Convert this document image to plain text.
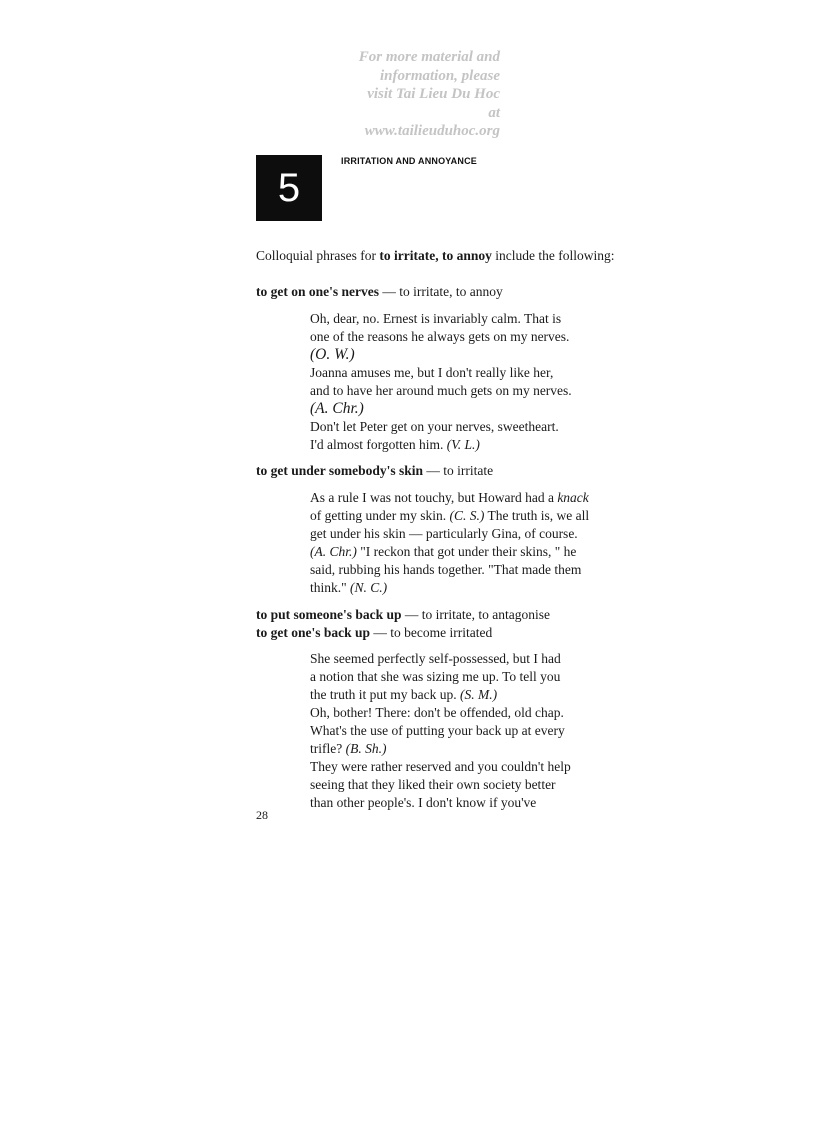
For more material and
information, please
visit Tai Lieu Du Hoc
at
www.tailieuduhoc.org
5
IRRITATION AND ANNOYANCE
Colloquial phrases for to irritate, to annoy include the following:
to get on one's nerves — to irritate, to annoy
Oh, dear, no. Ernest is invariably calm. That is
one of the reasons he always gets on my nerves.
(O. W.)
Joanna amuses me, but I don't really like her,
and to have her around much gets on my nerves.
(A. Chr.)
Don't let Peter get on your nerves, sweetheart.
I'd almost forgotten him. (V. L.)
to get under somebody's skin — to irritate
As a rule I was not touchy, but Howard had a knack
of getting under my skin. (C. S.) The truth is, we all
get under his skin — particularly Gina, of course.
(A. Chr.) "I reckon that got under their skins, " he
said, rubbing his hands together. "That made them
think." (N. C.)
to put someone's back up — to irritate, to antagonise
to get one's back up — to become irritated
She seemed perfectly self-possessed, but I had
a notion that she was sizing me up. To tell you
the truth it put my back up. (S. M.)
Oh, bother! There: don't be offended, old chap.
What's the use of putting your back up at every
trifle? (B. Sh.)
They were rather reserved and you couldn't help
seeing that they liked their own society better
than other people's. I don't know if you've
28
